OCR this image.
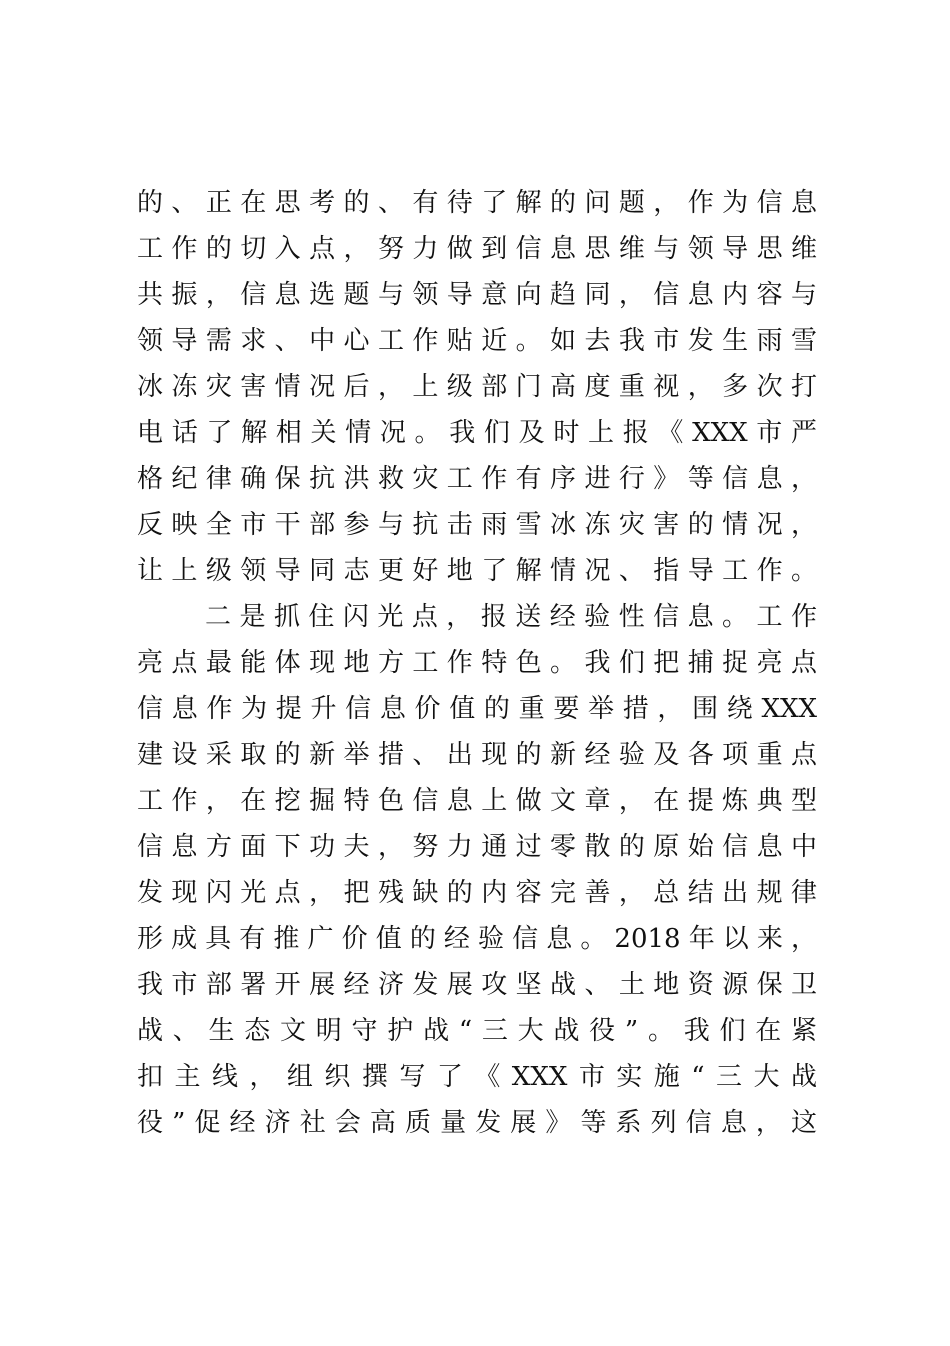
的、正在思考的、有待了解的问题，作为信息
工作的切入点，努力做到信息思维与领导思维
共振，信息选题与领导意向趋同，信息内容与
领导需求、中心工作贴近。如去我市发生雨雪
冰冻灾害情况后，上级部门高度重视，多次打
电话了解相关情况。我们及时上报《XXX市严
格纪律确保抗洪救灾工作有序进行》等信息，
反映全市干部参与抗击雨雪冰冻灾害的情况，
让上级领导同志更好地了解情况、指导工作。
二是抓住闪光点，报送经验性信息。工作
亮点最能体现地方工作特色。我们把捕捉亮点
信息作为提升信息价值的重要举措，围绕XXX
建设采取的新举措、出现的新经验及各项重点
工作，在挖掘特色信息上做文章，在提炼典型
信息方面下功夫，努力通过零散的原始信息中
发现闪光点，把残缺的内容完善，总结出规律
形成具有推广价值的经验信息。2018年以来，
我市部署开展经济发展攻坚战、土地资源保卫
战、生态文明守护战“三大战役”。我们在紧
扣主线，组织撰写了《XXX市实施“三大战
役”促经济社会高质量发展》等系列信息，这
